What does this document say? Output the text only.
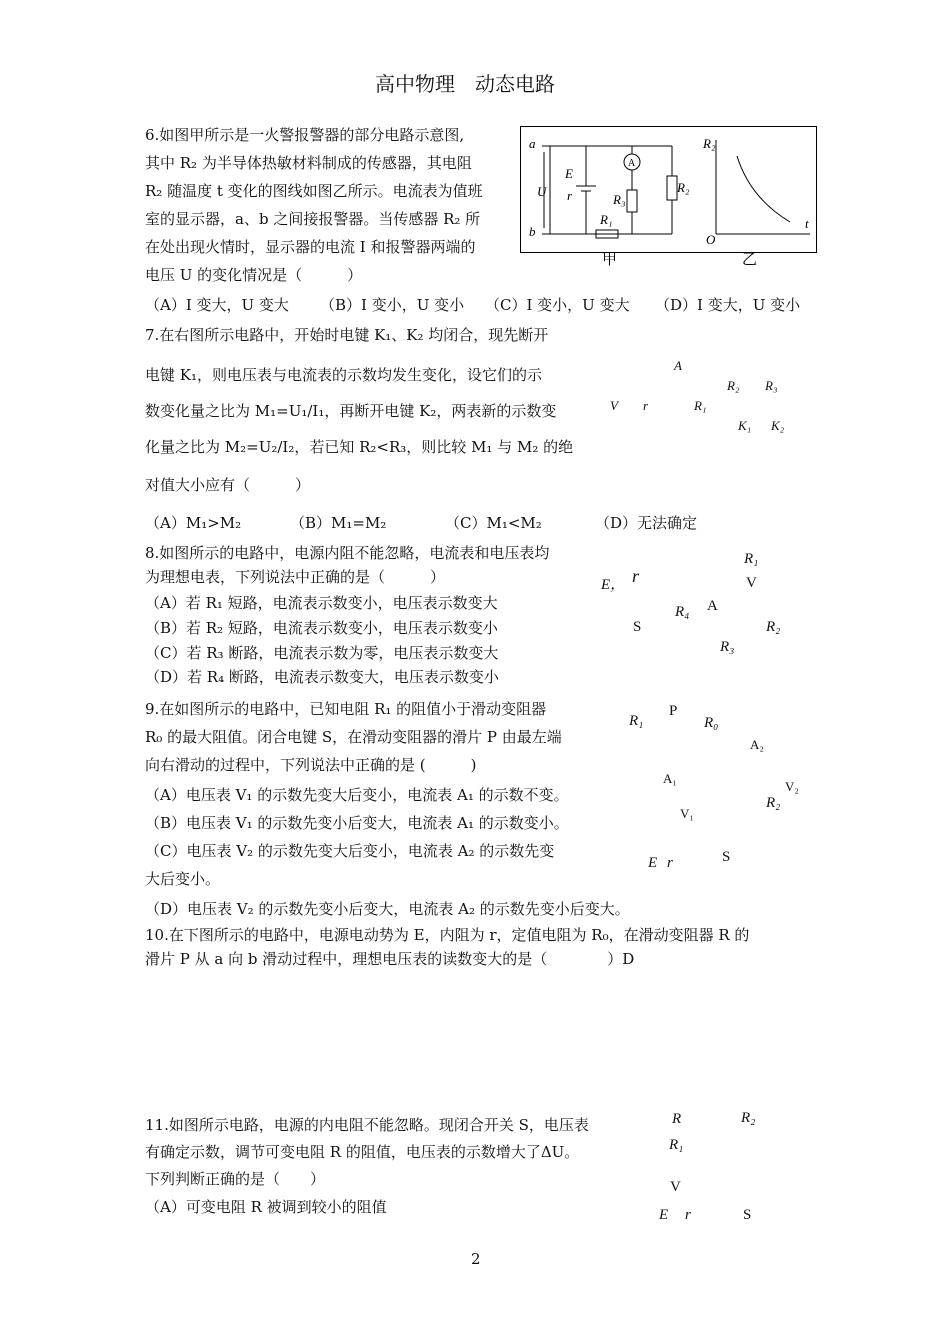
高中物理　动态电路
6.如图甲所示是一火警报警器的部分电路示意图,
其中 R₂ 为半导体热敏材料制成的传感器，其电阻
R₂ 随温度 t 变化的图线如图乙所示。电流表为值班
室的显示器，a、b 之间接报警器。当传感器 R₂ 所
在处出现火情时，显示器的电流 I 和报警器两端的
电压 U 的变化情况是（　　　）
（A）I 变大，U 变大 （B）I 变小，U 变小 （C）I 变小，U 变大 （D）I 变大，U 变小
a
b
U
E
r
A
R₃
R₂
R₁
甲
R₂
t
O
乙
7.在右图所示电路中，开始时电键 K₁、K₂ 均闭合，现先断开
电键 K₁，则电压表与电流表的示数均发生变化，设它们的示
数变化量之比为 M₁=U₁/I₁，再断开电键 K₂，两表新的示数变
化量之比为 M₂=U₂/I₂，若已知 R₂<R₃，则比较 M₁ 与 M₂ 的绝
对值大小应有（　　　）
（A）M₁>M₂	（B）M₁=M₂	（C）M₁<M₂	（D）无法确定
A
R₂ R₃
V r	R₁
K₁ K₂
8.如图所示的电路中，电源内阻不能忽略，电流表和电压表均
为理想电表，下列说法中正确的是（　　　）
（A）若 R₁ 短路，电流表示数变小，电压表示数变大
（B）若 R₂ 短路，电流表示数变小，电压表示数变小
（C）若 R₃ 断路，电流表示数为零，电压表示数变大
（D）若 R₄ 断路，电流表示数变大，电压表示数变小
R₁
V
E， r
A
R₄
S	R₂
R₃
9.在如图所示的电路中，已知电阻 R₁ 的阻值小于滑动变阻器
R₀ 的最大阻值。闭合电键 S，在滑动变阻器的滑片 P 由最左端
向右滑动的过程中，下列说法中正确的是 (　　　)
（A）电压表 V₁ 的示数先变大后变小，电流表 A₁ 的示数不变。
（B）电压表 V₁ 的示数先变小后变大，电流表 A₁ 的示数变小。
（C）电压表 V₂ 的示数先变大后变小，电流表 A₂ 的示数先变
大后变小。
（D）电压表 V₂ 的示数先变小后变大，电流表 A₂ 的示数先变小后变大。
P
R₁	R₀
A₂
A₁
V₂
R₂
V₁
E r	S
10.在下图所示的电路中，电源电动势为 E，内阻为 r，定值电阻为 R₀，在滑动变阻器 R 的
滑片 P 从 a 向 b 滑动过程中，理想电压表的读数变大的是（　　　　）D
11.如图所示电路，电源的内电阻不能忽略。现闭合开关 S，电压表
有确定示数，调节可变电阻 R 的阻值，电压表的示数增大了ΔU。
下列判断正确的是（　　）
（A）可变电阻 R 被调到较小的阻值
R	R₂
R₁
V
E r	S
2
